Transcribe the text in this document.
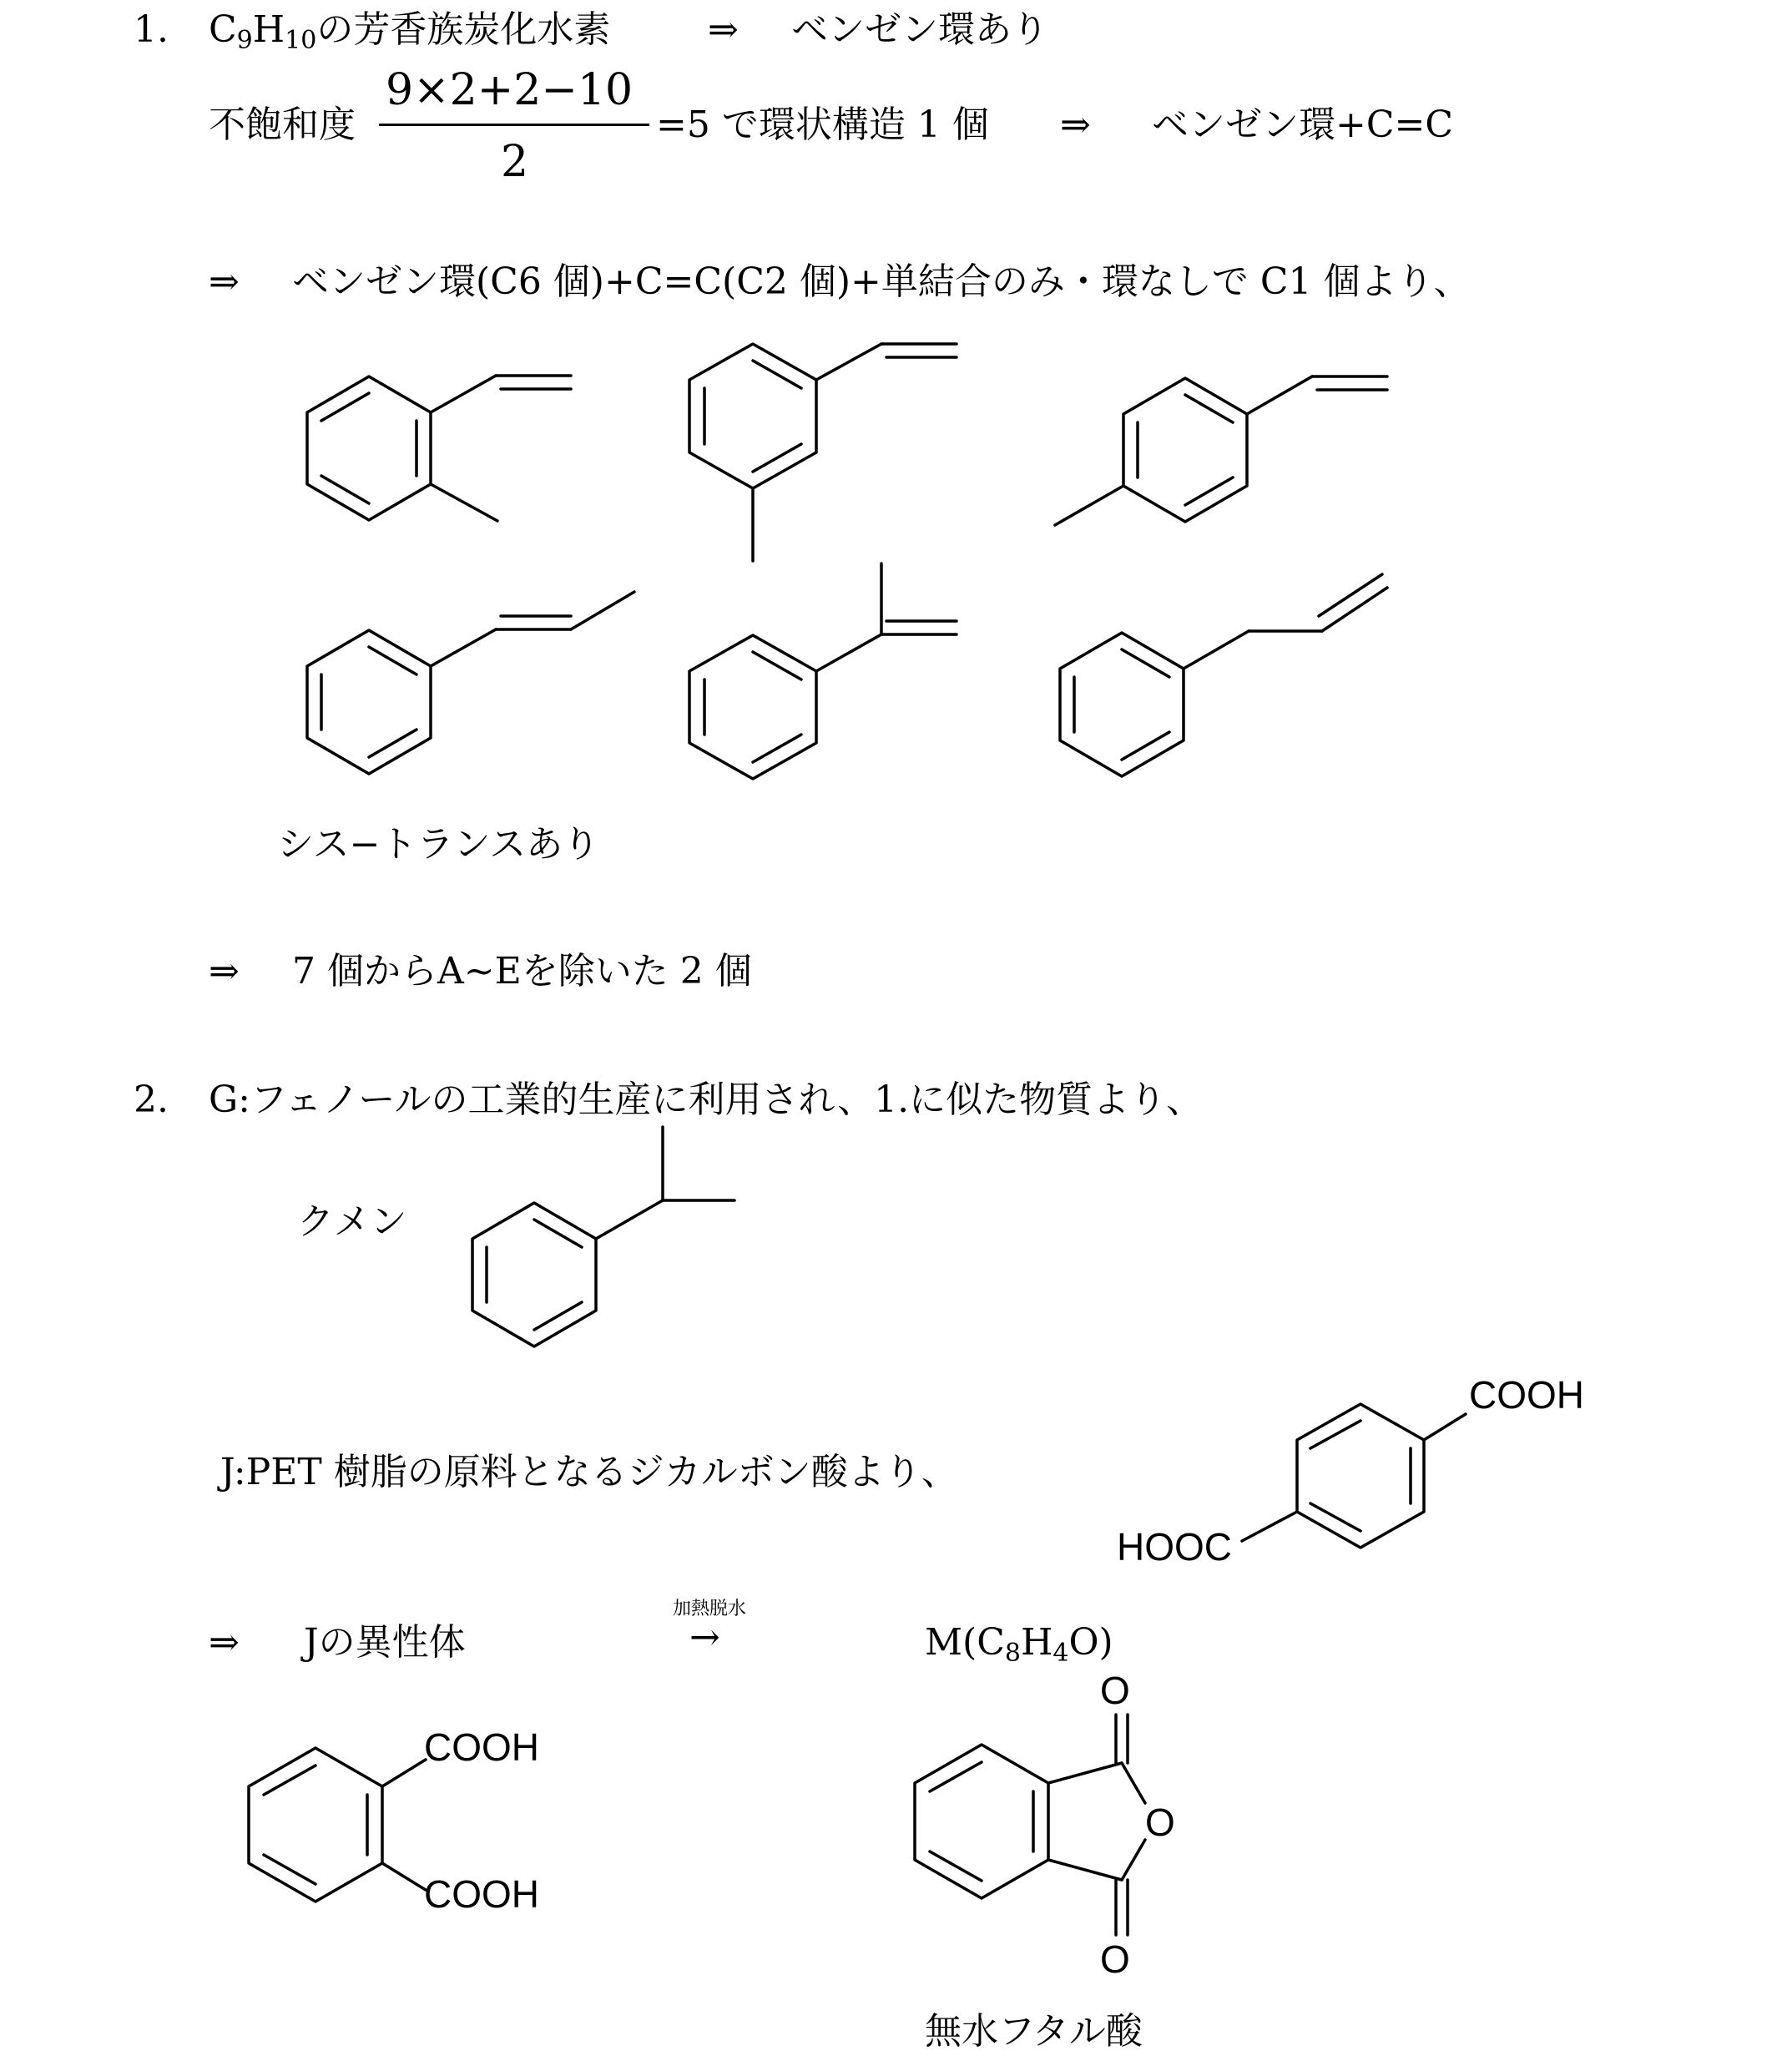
1. $C_9H_{10}$の芳香族炭化水素	⇒ ベンゼン環あり
不飽和度
9×2+2−10
2
=5 で環状構造 1 個 ⇒ ベンゼン環+C=C
⇒ ベンゼン環(C6 個)+C=C(C2 個)+単結合のみ・環なしで C1 個より、
シス−トランスあり
⇒ 7 個からA~Eを除いた 2 個
2. G:フェノールの工業的生産に利用され、1.に似た物質より、
クメン
J:PET 樹脂の原料となるジカルボン酸より、
COOH
HOOC
⇒ Jの異性体
加熱脱水
→	$M(C_8H_4O)$
COOH
COOH
O
O
O
無水フタル酸
